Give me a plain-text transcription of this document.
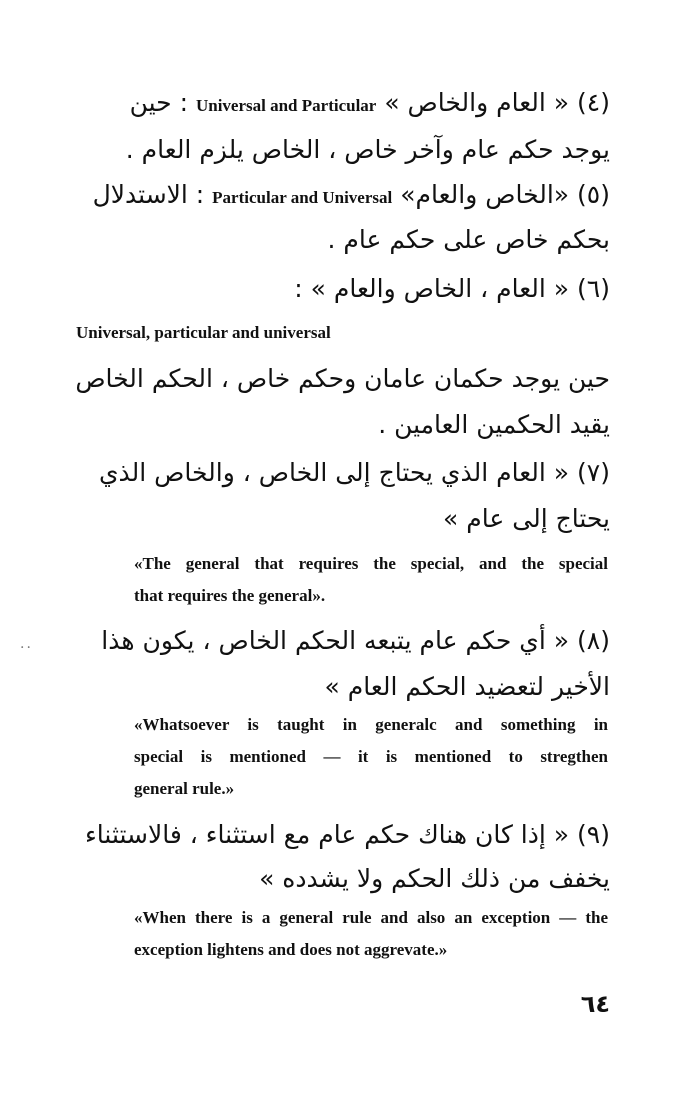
(٤) « العام والخاص » Universal and Particular : حين
يوجد حكم عام وآخر خاص ، الخاص يلزم العام .
(٥) «الخاص والعام» Particular and Universal : الاستدلال
بحكم خاص على حكم عام .
(٦) « العام ، الخاص والعام » :
Universal, particular and universal
حين يوجد حكمان عامان وحكم خاص ، الحكم الخاص
يقيد الحكمين العامين .
(٧) « العام الذي يحتاج إلى الخاص ، والخاص الذي
يحتاج إلى عام »
«The general that requires the special, and the special
that requires the general».
(٨) « أي حكم عام يتبعه الحكم الخاص ، يكون هذا
الأخير لتعضيد الحكم العام »
«Whatsoever is taught in generalc and something in
special is mentioned — it is mentioned to stregthen
general rule.»
(٩) « إذا كان هناك حكم عام مع استثناء ، فالاستثناء
يخفف من ذلك الحكم ولا يشدده »
«When there is a general rule and also an exception — the
exception lightens and does not aggrevate.»
٦٤
··
